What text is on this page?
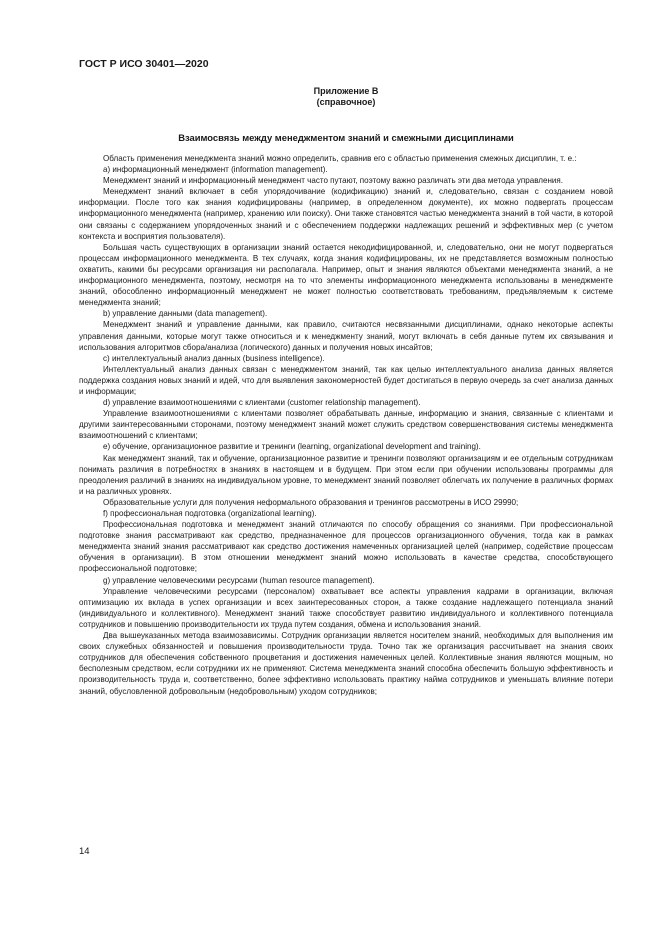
ГОСТ Р ИСО 30401—2020
Приложение В
(справочное)
Взаимосвязь между менеджментом знаний и смежными дисциплинами

Область применения менеджмента знаний можно определить, сравнив его с областью применения смежных дисциплин, т. е.:

а) информационный менеджмент (information management).

Менеджмент знаний и информационный менеджмент часто путают, поэтому важно различать эти два метода управления.

Менеджмент знаний включает в себя упорядочивание (кодификацию) знаний и, следовательно, связан с созданием новой информации. После того как знания кодифицированы (например, в определенном документе), их можно подвергать процессам информационного менеджмента (например, хранению или поиску). Они также становятся частью менеджмента знаний в той части, в которой они связаны с содержанием упорядоченных знаний и с обеспечением поддержки надлежащих решений и эффективных мер (с учетом контекста и восприятия пользователя).

Большая часть существующих в организации знаний остается некодифицированной, и, следовательно, они не могут подвергаться процессам информационного менеджмента. В тех случаях, когда знания кодифицированы, их не представляется возможным полностью охватить, какими бы ресурсами организация ни располагала. Например, опыт и знания являются объектами менеджмента знаний, а не информационного менеджмента, поэтому, несмотря на то что элементы информационного менеджмента использованы в менеджменте знаний, обособленно информационный менеджмент не может полностью соответствовать требованиям, предъявляемым к системе менеджмента знаний;

b) управление данными (data management).

Менеджмент знаний и управление данными, как правило, считаются несвязанными дисциплинами, однако некоторые аспекты управления данными, которые могут также относиться и к менеджменту знаний, могут включать в себя данные путем их связывания и использования алгоритмов сбора/анализа (логического) данных и получения новых инсайтов;

с) интеллектуальный анализ данных (business intelligence).

Интеллектуальный анализ данных связан с менеджментом знаний, так как целью интеллектуального анализа данных является поддержка создания новых знаний и идей, что для выявления закономерностей будет достигаться в первую очередь за счет анализа данных и информации;

d) управление взаимоотношениями с клиентами (customer relationship management).

Управление взаимоотношениями с клиентами позволяет обрабатывать данные, информацию и знания, связанные с клиентами и другими заинтересованными сторонами, поэтому менеджмент знаний может служить средством совершенствования системы менеджмента взаимоотношений с клиентами;

е) обучение, организационное развитие и тренинги (learning, organizational development and training).

Как менеджмент знаний, так и обучение, организационное развитие и тренинги позволяют организациям и ее отдельным сотрудникам понимать различия в потребностях в знаниях в настоящем и в будущем. При этом если при обучении использованы программы для преодоления различий в знаниях на индивидуальном уровне, то менеджмент знаний позволяет облегчать их получение в различных формах и на различных уровнях.

Образовательные услуги для получения неформального образования и тренингов рассмотрены в ИСО 29990;

f) профессиональная подготовка (organizational learning).

Профессиональная подготовка и менеджмент знаний отличаются по способу обращения со знаниями. При профессиональной подготовке знания рассматривают как средство, предназначенное для процессов организационного обучения, тогда как в рамках менеджмента знаний знания рассматривают как средство достижения намеченных организацией целей (например, содействие процессам обучения в организации). В этом отношении менеджмент знаний можно использовать в качестве средства, способствующего профессиональной подготовке;

g) управление человеческими ресурсами (human resource management).

Управление человеческими ресурсами (персоналом) охватывает все аспекты управления кадрами в организации, включая оптимизацию их вклада в успех организации и всех заинтересованных сторон, а также создание надлежащего потенциала знаний (индивидуального и коллективного). Менеджмент знаний также способствует развитию индивидуального и коллективного потенциала сотрудников и повышению производительности их труда путем создания, обмена и использования знаний.

Два вышеуказанных метода взаимозависимы. Сотрудник организации является носителем знаний, необходимых для выполнения им своих служебных обязанностей и повышения производительности труда. Точно так же организация рассчитывает на знания своих сотрудников для обеспечения собственного процветания и достижения намеченных целей. Коллективные знания являются мощным, но бесполезным средством, если сотрудники их не применяют. Система менеджмента знаний способна обеспечить большую эффективность и производительность труда и, соответственно, более эффективно использовать практику найма сотрудников и уменьшать влияние потери знаний, обусловленной добровольным (недобровольным) уходом сотрудников;

14
